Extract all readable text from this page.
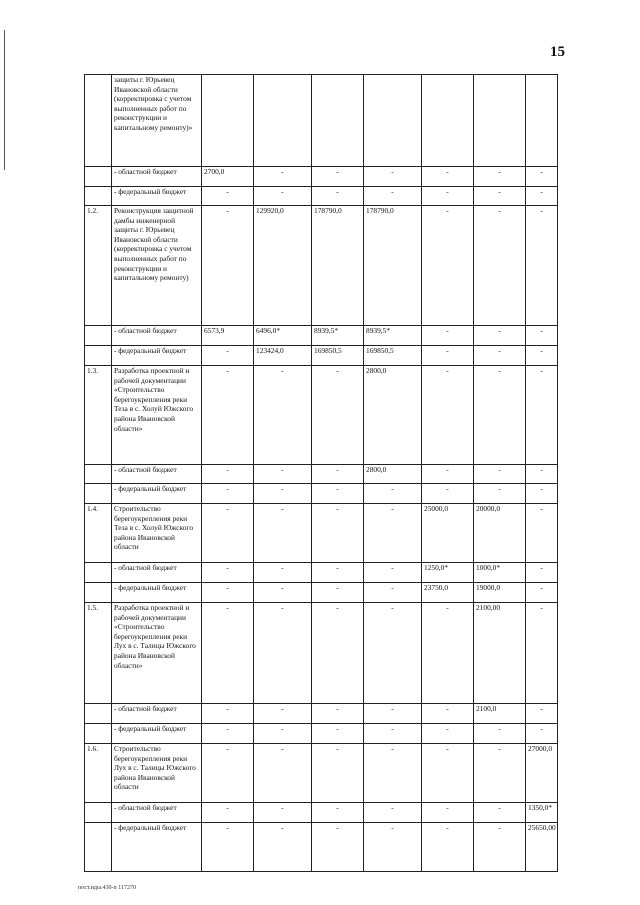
15
	защиты г. Юрьевец Ивановской области (корректировка с учетом выполненных работ по реконструкции и капитальному ремонту)»							
	- областной бюджет	2700,0	-	-	-	-	-	-
	- федеральный бюджет	-	-	-	-	-	-	-
1.2.	Реконструкция защитной дамбы инженерной защиты г. Юрьевец Ивановской области (корректировка с учетом выполненных работ по реконструкции и капитальному ремонту)	-	129920,0	178790,0	178790,0	-	-	-
	- областной бюджет	6573,9	6496,0*	8939,5*	8939,5*	-	-	-
	- федеральный бюджет	-	123424,0	169850,5	169850,5	-	-	-
1.3.	Разработка проектной и рабочей документации «Строительство берегоукрепления реки Теза в с. Холуй Южского района Ивановской области»	-	-	-	2800,0	-	-	-
	- областной бюджет	-	-	-	2800,0	-	-	-
	- федеральный бюджет	-	-	-	-	-	-	-
1.4.	Строительство берегоукрепления реки Теза в с. Холуй Южского района Ивановской области	-	-	-	-	25000,0	20000,0	-
	- областной бюджет	-	-	-	-	1250,0*	1000,0*	-
	- федеральный бюджет	-	-	-	-	23750,0	19000,0	-
1.5.	Разработка проектной и рабочей документации «Строительство берегоукрепления реки Лух в с. Талицы Южского района Ивановской области»	-	-	-	-	-	2100,00	-
	- областной бюджет	-	-	-	-	-	2100,0	-
	- федеральный бюджет	-	-	-	-	-	-	-
1.6.	Строительство берегоукрепления реки Лух в с. Талицы Южского района Ивановской области	-	-	-	-	-	-	27000,0
	- областной бюджет	-	-	-	-	-	-	1350,0*
	- федеральный бюджет	-	-	-	-	-	-	25650,00
пост.иды.430-п 117270
